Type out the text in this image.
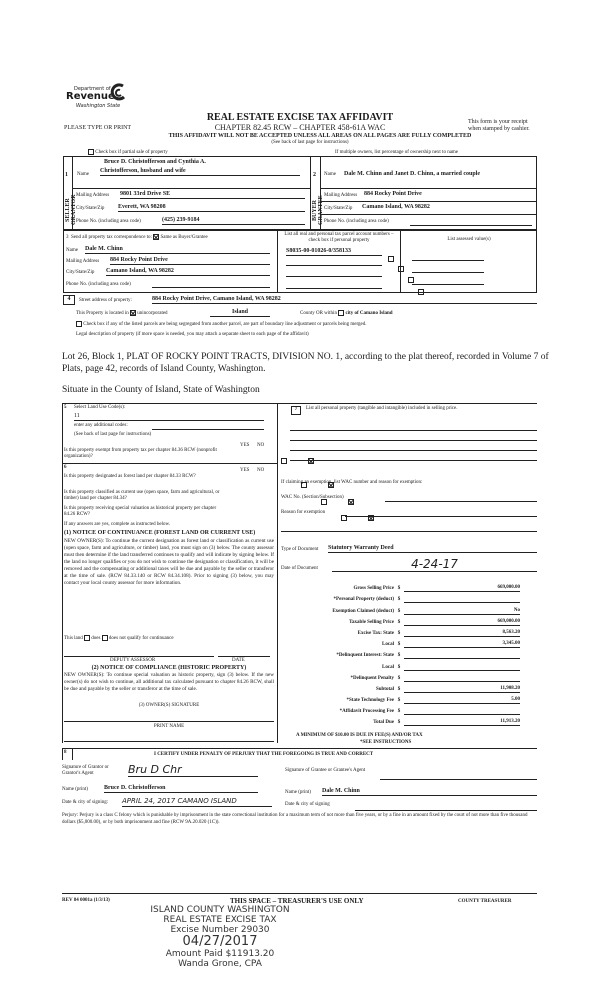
Department of
Revenue
Washington State
REAL ESTATE EXCISE TAX AFFIDAVIT
PLEASE TYPE OR PRINT	CHAPTER 82.45 RCW – CHAPTER 458-61A WAC
This form is your receipt
when stamped by cashier.
THIS AFFIDAVIT WILL NOT BE ACCEPTED UNLESS ALL AREAS ON ALL PAGES ARE FULLY COMPLETED
(See back of last page for instructions)
Check box if partial sale of property	If multiple owners, list percentage of ownership next to name
1 Name
Bruce D. Christofferson and Cynthia A.
Christofferson, husband and wife
SELLER GRANTOR Mailing Address 9801 33rd Drive SE
City/State/Zip Everett, WA 98208
Phone No. (including area code)	(425) 239-9184
2 Name Dale M. Chinn and Janet D. Chinn, a married couple
BUYER GRANTEE Mailing Address 884 Rocky Point Drive
City/State/Zip Camano Island, WA 98282
Phone No. (including area code)
3 Send all property tax correspondence to: Same as Buyer/Grantee
Name Dale M. Chinn
Mailing Address 884 Rocky Point Drive
City/State/Zip Camano Island, WA 98282
Phone No. (including area code)
List all real and personal tax parcel account numbers – check box if personal property	List assessed value(s)
S8035-00-01026-0/358133

4	Street address of property:	884 Rocky Point Drive, Camano Island, WA 98282
This Property is located in unincorporated	Island	County OR within city of Camano Island
Check box if any of the listed parcels are being segregated from another parcel, are part of boundary line adjustment or parcels being merged.
Legal description of property (if more space is needed, you may attach a separate sheet to each page of the affidavit)
Lot 26, Block 1, PLAT OF ROCKY POINT TRACTS, DIVISION NO. 1, according to the plat thereof, recorded in Volume 7 of Plats, page 42, records of Island County, Washington.
Situate in the County of Island, State of Washington
5 Select Land Use Code(s):
11
enter any additional codes:
(See back of last page for instructions)
YES NO
Is this property exempt from property tax per chapter 84.36 RCW (nonprofit organization)?

6
YES NO
Is this property designated as forest land per chapter 84.33 RCW?

Is this property classified as current use (open space, farm and agricultural, or timber) land per chapter 84.34?

Is this property receiving special valuation as historical property per chapter 84.26 RCW?

If any answers are yes, complete as instructed below.
(1) NOTICE OF CONTINUANCE (FOREST LAND OR CURRENT USE)
NEW OWNER(S): To continue the current designation as forest land or classification as current use (open space, farm and agriculture, or timber) land, you must sign on (3) below. The county assessor must then determine if the land transferred continues to qualify and will indicate by signing below. If the land no longer qualifies or you do not wish to continue the designation or classification, it will be removed and the compensating or additional taxes will be due and payable by the seller or transferor at the time of sale. (RCW 84.33.140 or RCW 84.34.108). Prior to signing (3) below, you may contact your local county assessor for more information.
This land does does not qualify for continuance
DEPUTY ASSESSOR	DATE
(2) NOTICE OF COMPLIANCE (HISTORIC PROPERTY)
NEW OWNER(S): To continue special valuation as historic property, sign (3) below. If the new owner(s) do not wish to continue, all additional tax calculated pursuant to chapter 84.26 RCW, shall be due and payable by the seller or transferor at the time of sale.
(3) OWNER(S) SIGNATURE
PRINT NAME
7	List all personal property (tangible and intangible) included in selling price.
If claiming an exemption, list WAC number and reason for exemption:
WAC No. (Section/Subsection)
Reason for exemption
Type of Document Statutory Warranty Deed
Date of Document	4-24-17
Gross Selling Price $	669,000.00
*Personal Property (deduct) $
Exemption Claimed (deduct) $	No
Taxable Selling Price $	669,000.00
Excise Tax: State $	8,563.20
Local $	3,345.00
*Delinquent Interest: State $
Local $
*Delinquent Penalty $
Subtotal $	11,908.20
*State Technology Fee $	5.00
*Affidavit Processing Fee $
Total Due $	11,913.20
A MINIMUM OF $10.00 IS DUE IN FEE(S) AND/OR TAX
*SEE INSTRUCTIONS
8	I CERTIFY UNDER PENALTY OF PERJURY THAT THE FOREGOING IS TRUE AND CORRECT
Signature of Grantor or Grantor's Agent	Bru D Chr
Name (print)	Bruce D. Christofferson
Date & city of signing: APRIL 24, 2017 CAMANO ISLAND
Signature of Grantee or Grantee's Agent
Name (print) Dale M. Chinn
Date & city of signing
Perjury: Perjury is a class C felony which is punishable by imprisonment in the state correctional institution for a maximum term of not more than five years, or by a fine in an amount fixed by the court of not more than five thousand dollars ($5,000.00), or by both imprisonment and fine (RCW 9A.20.020 (1C)).
REV 84 0001a (1/3/13)	THIS SPACE – TREASURER'S USE ONLY	COUNTY TREASURER
ISLAND COUNTY WASHINGTON
REAL ESTATE EXCISE TAX
Excise Number 29030
04/27/2017
Amount Paid $11913.20
Wanda Grone, CPA
